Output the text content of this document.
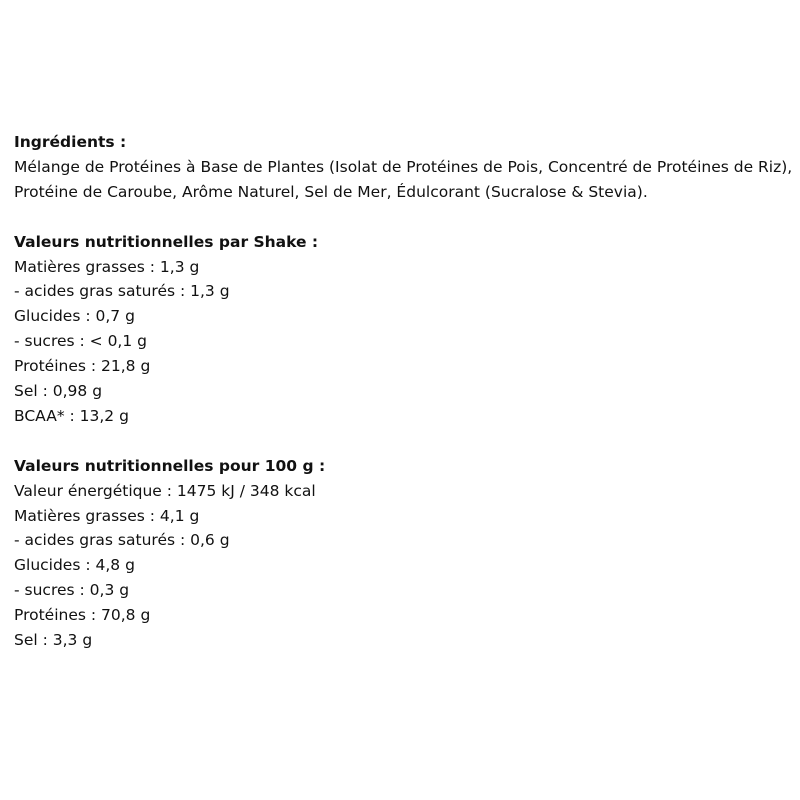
Ingrédients :

Mélange de Protéines à Base de Plantes (Isolat de Protéines de Pois, Concentré de Protéines de Riz), Protéine de Caroube, Arôme Naturel, Sel de Mer, Édulcorant (Sucralose & Stevia).

Valeurs nutritionnelles par Shake :
Matières grasses : 1,3 g
- acides gras saturés : 1,3 g
Glucides : 0,7 g
- sucres : < 0,1 g
Protéines : 21,8 g
Sel : 0,98 g
BCAA* : 13,2 g
Valeurs nutritionnelles pour 100 g :
Valeur énergétique : 1475 kJ / 348 kcal
Matières grasses : 4,1 g
- acides gras saturés : 0,6 g
Glucides : 4,8 g
- sucres : 0,3 g
Protéines : 70,8 g
Sel : 3,3 g
